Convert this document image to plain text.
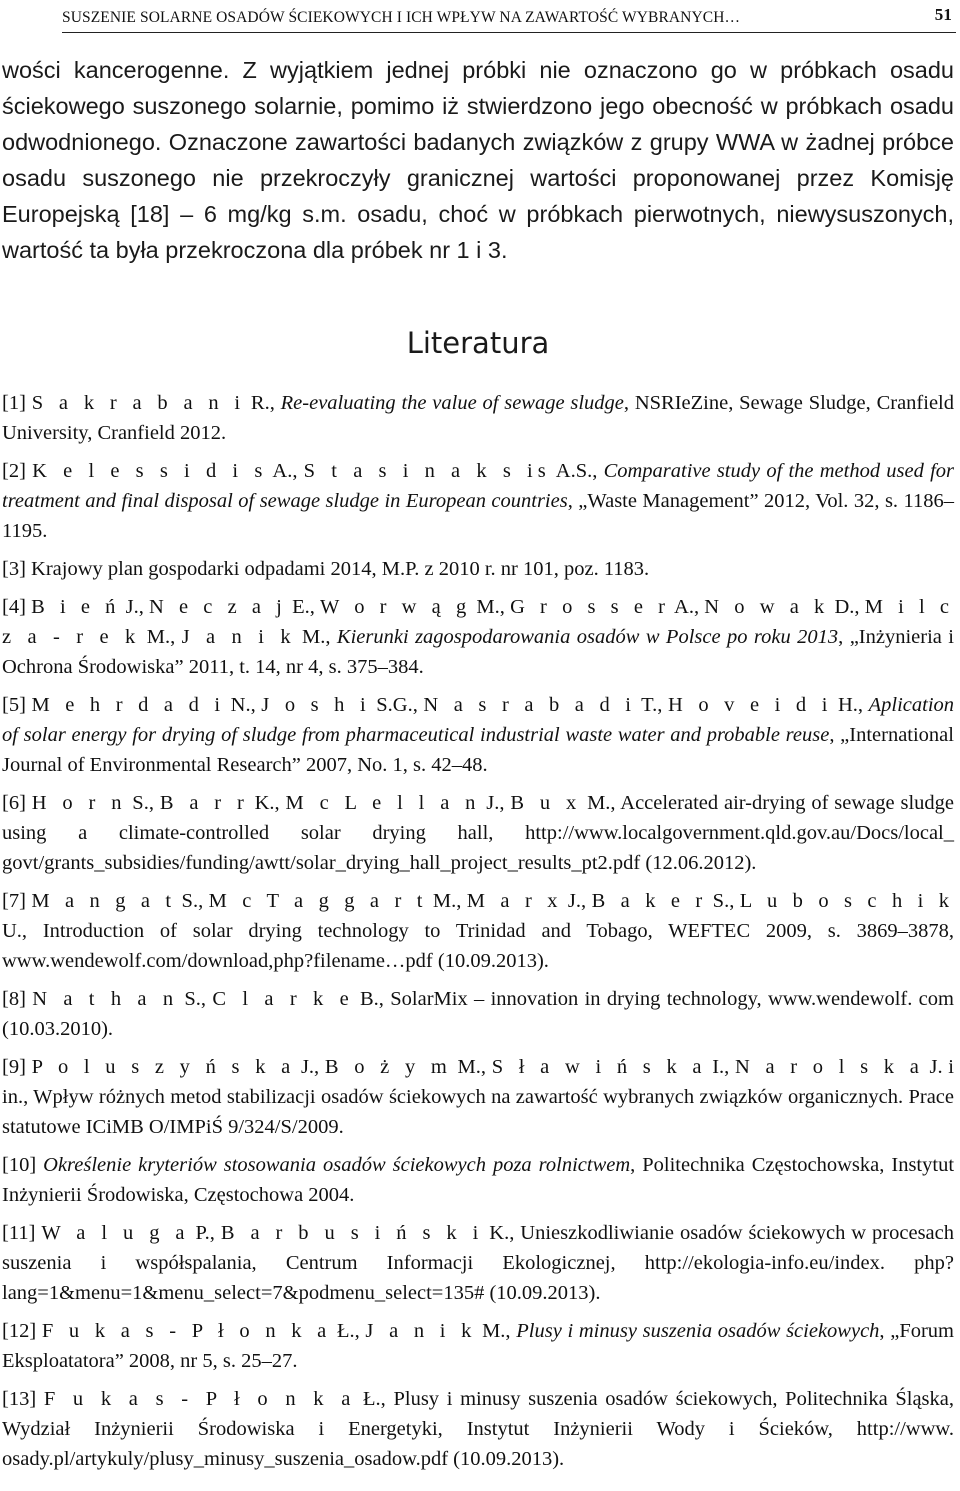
SUSZENIE SOLARNE OSADÓW ŚCIEKOWYCH I ICH WPŁYW NA ZAWARTOŚĆ WYBRANYCH…	51
wości kancerogenne. Z wyjątkiem jednej próbki nie oznaczono go w próbkach osadu ściekowego suszonego solarnie, pomimo iż stwierdzono jego obecność w próbkach osadu odwodnionego. Oznaczone zawartości badanych związków z grupy WWA w żadnej próbce osadu suszonego nie przekroczyły granicznej wartości proponowanej przez Komisję Europejską [18] – 6 mg/kg s.m. osadu, choć w próbkach pierwotnych, niewysuszonych, wartość ta była przekroczona dla próbek nr 1 i 3.
Literatura
[1] S a k r a b a n i R., Re-evaluating the value of sewage sludge, NSRIeZine, Sewage Sludge, Cranfield University, Cranfield 2012.
[2] K e l e s s i d i s A., S t a s i n a k s is A.S., Comparative study of the method used for treatment and final disposal of sewage sludge in European countries, „Waste Management” 2012, Vol. 32, s. 1186–1195.
[3] Krajowy plan gospodarki odpadami 2014, M.P. z 2010 r. nr 101, poz. 1183.
[4] B i e ń J., N e c z a j E., W o r w ą g M., G r o s s e r A., N o w a k D., M i l c z a - r e k M., J a n i k M., Kierunki zagospodarowania osadów w Polsce po roku 2013, „Inżynieria i Ochrona Środowiska” 2011, t. 14, nr 4, s. 375–384.
[5] M e h r d a d i N., J o s h i S.G., N a s r a b a d i T., H o v e i d i H., Aplication of solar energy for drying of sludge from pharmaceutical industrial waste water and probable reuse, „International Journal of Environmental Research” 2007, No. 1, s. 42–48.
[6] H o r n S., B a r r K., M c L e l l a n J., B u x M., Accelerated air-drying of sewage sludge using a climate-controlled solar drying hall, http://www.localgovernment.qld.gov.au/Docs/local_ govt/grants_subsidies/funding/awtt/solar_drying_hall_project_results_pt2.pdf (12.06.2012).
[7] M a n g a t S., M c T a g g a r t M., M a r x J., B a k e r S., L u b o s c h i k U., Introduction of solar drying technology to Trinidad and Tobago, WEFTEC 2009, s. 3869–3878, www.wendewolf.com/download,php?filename…pdf (10.09.2013).
[8] N a t h a n S., C l a r k e B., SolarMix – innovation in drying technology, www.wendewolf. com (10.03.2010).
[9] P o l u s z y ń s k a J., B o ż y m M., S ł a w i ń s k a I., N a r o l s k a J. i in., Wpływ różnych metod stabilizacji osadów ściekowych na zawartość wybranych związków organicznych. Prace statutowe ICiMB O/IMPiŚ 9/324/S/2009.
[10] Określenie kryteriów stosowania osadów ściekowych poza rolnictwem, Politechnika Częstochowska, Instytut Inżynierii Środowiska, Częstochowa 2004.
[11] W a l u g a P., B a r b u s i ń s k i K., Unieszkodliwianie osadów ściekowych w procesach suszenia i współspalania, Centrum Informacji Ekologicznej, http://ekologia-info.eu/index. php?lang=1&menu=1&menu_select=7&podmenu_select=135# (10.09.2013).
[12] F u k a s - P ł o n k a Ł., J a n i k M., Plusy i minusy suszenia osadów ściekowych, „Forum Eksploatatora” 2008, nr 5, s. 25–27.
[13] F u k a s - P ł o n k a Ł., Plusy i minusy suszenia osadów ściekowych, Politechnika Śląska, Wydział Inżynierii Środowiska i Energetyki, Instytut Inżynierii Wody i Ścieków, http://www. osady.pl/artykuly/plusy_minusy_suszenia_osadow.pdf (10.09.2013).
